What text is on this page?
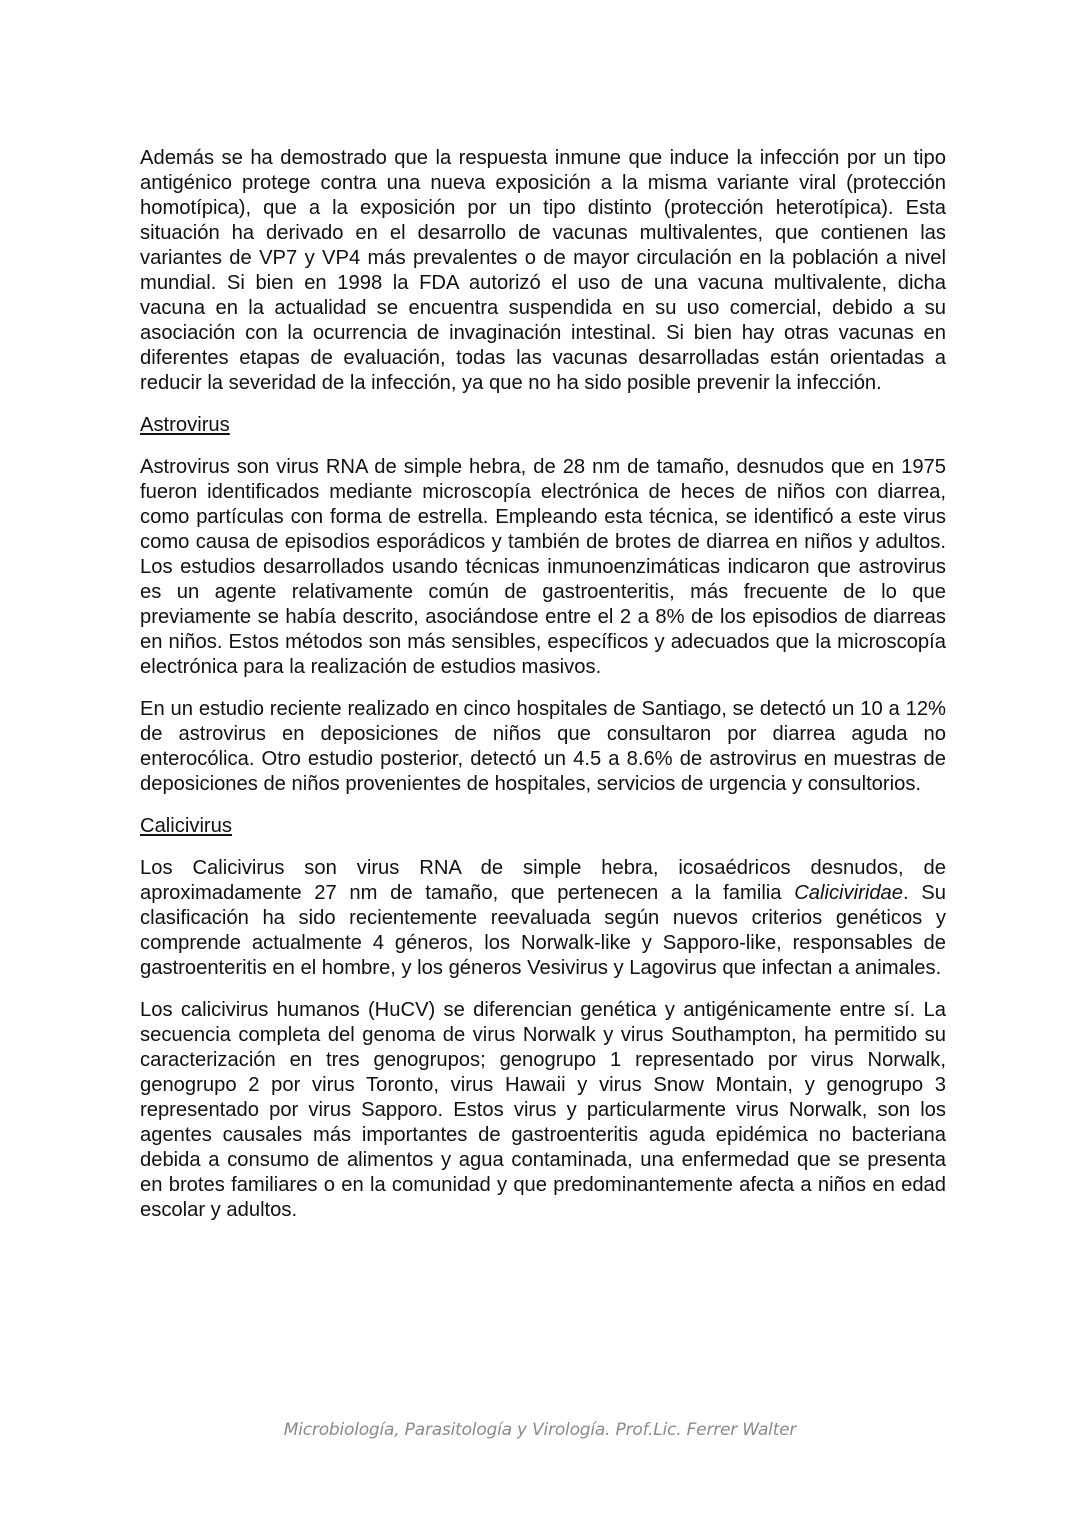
Además se ha demostrado que la respuesta inmune que induce la infección por un tipo antigénico protege contra una nueva exposición a la misma variante viral (protección homotípica), que a la exposición por un tipo distinto (protección heterotípica). Esta situación ha derivado en el desarrollo de vacunas multivalentes, que contienen las variantes de VP7 y VP4 más prevalentes o de mayor circulación en la población a nivel mundial. Si bien en 1998 la FDA autorizó el uso de una vacuna multivalente, dicha vacuna en la actualidad se encuentra suspendida en su uso comercial, debido a su asociación con la ocurrencia de invaginación intestinal. Si bien hay otras vacunas en diferentes etapas de evaluación, todas las vacunas desarrolladas están orientadas a reducir la severidad de la infección, ya que no ha sido posible prevenir la infección.

Astrovirus

Astrovirus son virus RNA de simple hebra, de 28 nm de tamaño, desnudos que en 1975 fueron identificados mediante microscopía electrónica de heces de niños con diarrea, como partículas con forma de estrella. Empleando esta técnica, se identificó a este virus como causa de episodios esporádicos y también de brotes de diarrea en niños y adultos. Los estudios desarrollados usando técnicas inmunoenzimáticas indicaron que astrovirus es un agente relativamente común de gastroenteritis, más frecuente de lo que previamente se había descrito, asociándose entre el 2 a 8% de los episodios de diarreas en niños. Estos métodos son más sensibles, específicos y adecuados que la microscopía electrónica para la realización de estudios masivos.

En un estudio reciente realizado en cinco hospitales de Santiago, se detectó un 10 a 12% de astrovirus en deposiciones de niños que consultaron por diarrea aguda no enterocólica. Otro estudio posterior, detectó un 4.5 a 8.6% de astrovirus en muestras de deposiciones de niños provenientes de hospitales, servicios de urgencia y consultorios.

Calicivirus

Los Calicivirus son virus RNA de simple hebra, icosaédricos desnudos, de aproximadamente 27 nm de tamaño, que pertenecen a la familia Caliciviridae. Su clasificación ha sido recientemente reevaluada según nuevos criterios genéticos y comprende actualmente 4 géneros, los Norwalk-like y Sapporo-like, responsables de gastroenteritis en el hombre, y los géneros Vesivirus y Lagovirus que infectan a animales.

Los calicivirus humanos (HuCV) se diferencian genética y antigénicamente entre sí. La secuencia completa del genoma de virus Norwalk y virus Southampton, ha permitido su caracterización en tres genogrupos; genogrupo 1 representado por virus Norwalk, genogrupo 2 por virus Toronto, virus Hawaii y virus Snow Montain, y genogrupo 3 representado por virus Sapporo. Estos virus y particularmente virus Norwalk, son los agentes causales más importantes de gastroenteritis aguda epidémica no bacteriana debida a consumo de alimentos y agua contaminada, una enfermedad que se presenta en brotes familiares o en la comunidad y que predominantemente afecta a niños en edad escolar y adultos.

Microbiología, Parasitología y Virología. Prof.Lic. Ferrer Walter
